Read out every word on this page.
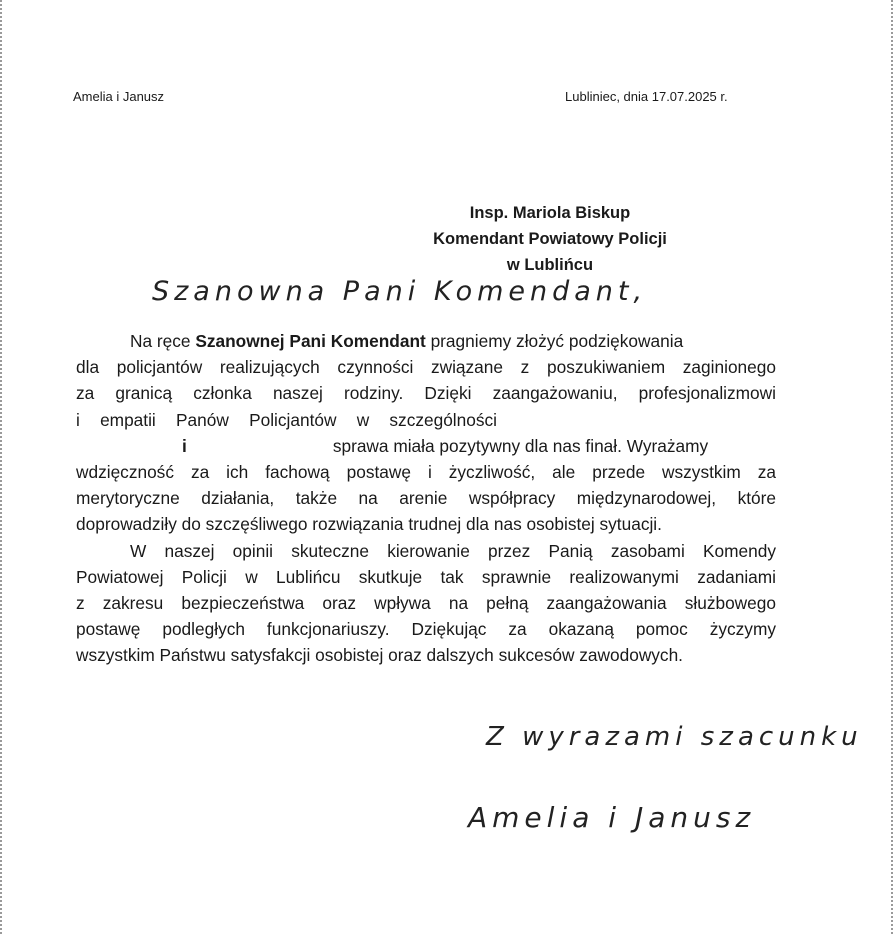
Amelia i Janusz	Lubliniec, dnia 17.07.2025 r.
Insp. Mariola Biskup
Komendant Powiatowy Policji
w Lublińcu
Szanowna Pani Komendant,
Na ręce Szanownej Pani Komendant pragniemy złożyć podziękowania
dla policjantów realizujących czynności związane z poszukiwaniem zaginionego
za granicą członka naszej rodziny. Dzięki zaangażowaniu, profesjonalizmowi
i empatii Panów Policjantów w szczególności
i	sprawa miała pozytywny dla nas finał. Wyrażamy
wdzięczność za ich fachową postawę i życzliwość, ale przede wszystkim za
merytoryczne działania, także na arenie współpracy międzynarodowej, które
doprowadziły do szczęśliwego rozwiązania trudnej dla nas osobistej sytuacji.
W naszej opinii skuteczne kierowanie przez Panią zasobami Komendy
Powiatowej Policji w Lublińcu skutkuje tak sprawnie realizowanymi zadaniami
z zakresu bezpieczeństwa oraz wpływa na pełną zaangażowania służbowego
postawę podległych funkcjonariuszy. Dziękując za okazaną pomoc życzymy
wszystkim Państwu satysfakcji osobistej oraz dalszych sukcesów zawodowych.
Z wyrazami szacunku
Amelia i Janusz
